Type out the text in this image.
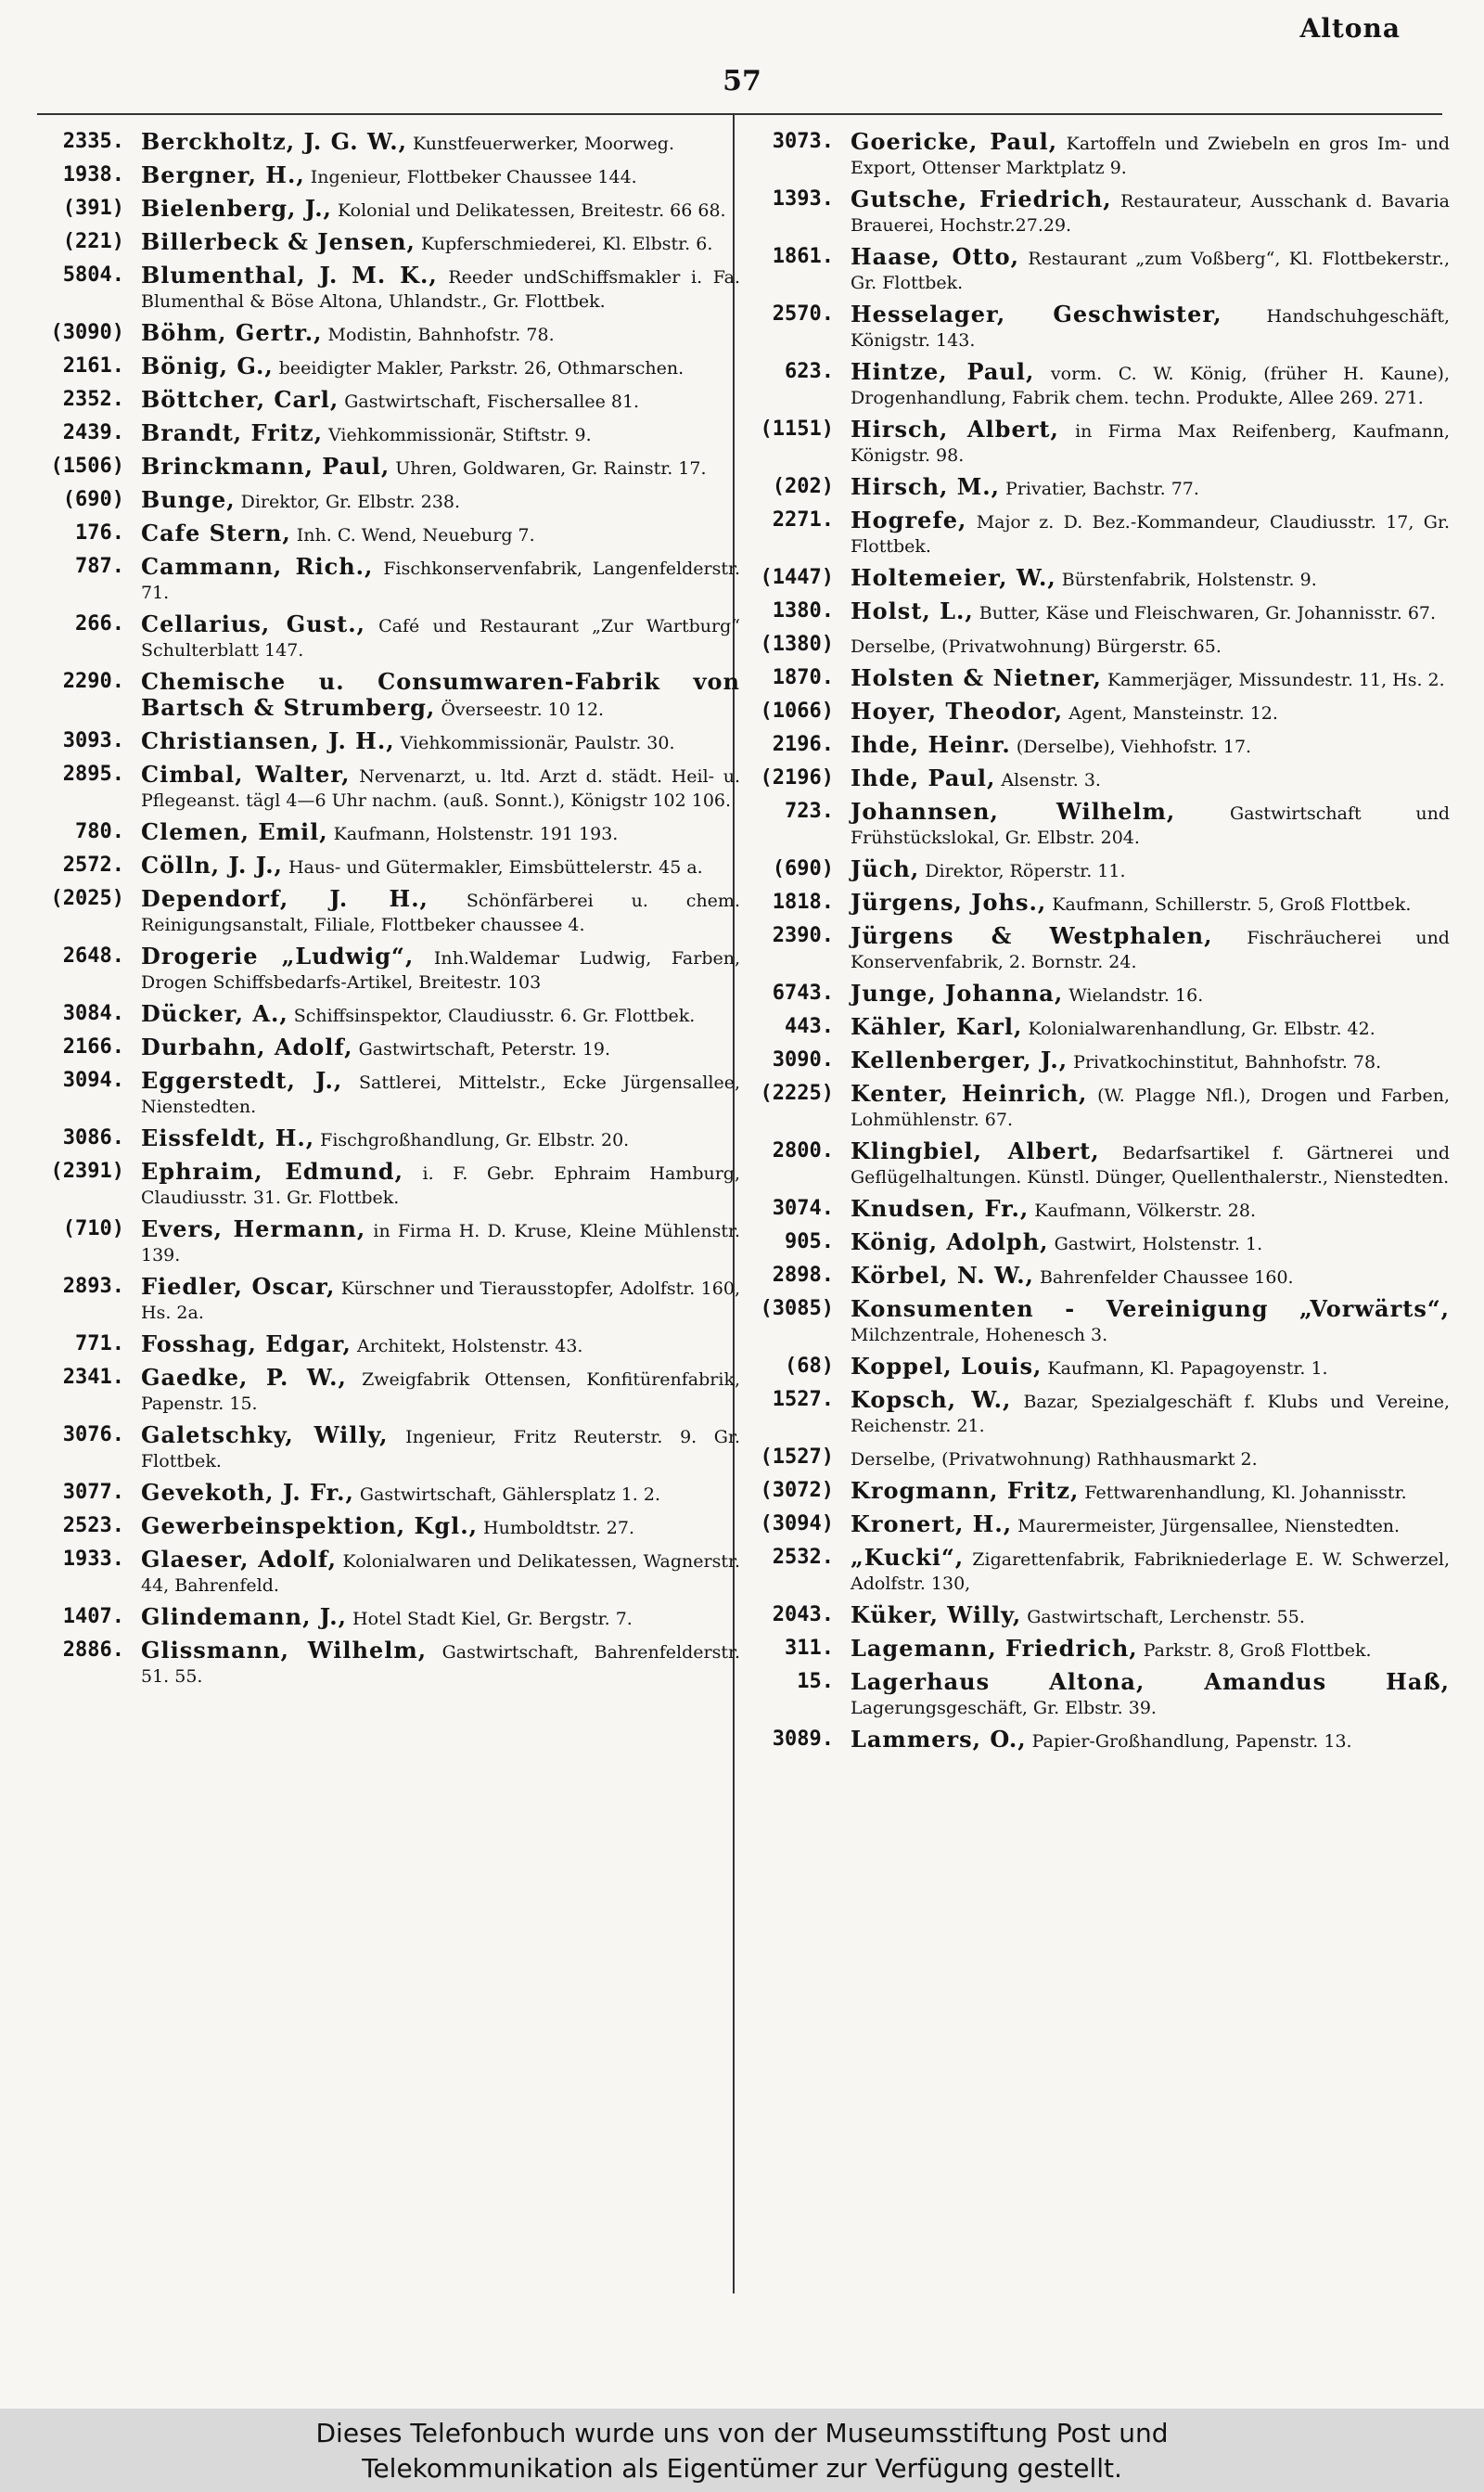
Altona
57
2335. Berckholtz, J. G. W., Kunstfeuerwerker, Moorweg.
1938. Bergner, H., Ingenieur, Flottbeker Chaussee 144.
(391) Bielenberg, J., Kolonial und Delikatessen, Breitestr. 66 68.
(221) Billerbeck & Jensen, Kupferschmiederei, Kl. Elbstr. 6.
5804. Blumenthal, J. M. K., Reeder undSchiffsmakler i. Fa. Blumenthal & Böse Altona, Uhlandstr., Gr. Flottbek.
(3090) Böhm, Gertr., Modistin, Bahnhofstr. 78.
2161. Bönig, G., beeidigter Makler, Parkstr. 26, Othmarschen.
2352. Böttcher, Carl, Gastwirtschaft, Fischersallee 81.
2439. Brandt, Fritz, Viehkommissionär, Stiftstr. 9.
(1506) Brinckmann, Paul, Uhren, Goldwaren, Gr. Rainstr. 17.
(690) Bunge, Direktor, Gr. Elbstr. 238.
176. Cafe Stern, Inh. C. Wend, Neueburg 7.
787. Cammann, Rich., Fischkonservenfabrik, Langenfelderstr. 71.
266. Cellarius, Gust., Café und Restaurant „Zur Wartburg“ Schulterblatt 147.
2290. Chemische u. Consumwaren-Fabrik von Bartsch & Strumberg, Överseestr. 10 12.
3093. Christiansen, J. H., Viehkommissionär, Paulstr. 30.
2895. Cimbal, Walter, Nervenarzt, u. ltd. Arzt d. städt. Heil- u. Pflegeanst. tägl 4—6 Uhr nachm. (auß. Sonnt.), Königstr 102 106.
780. Clemen, Emil, Kaufmann, Holstenstr. 191 193.
2572. Cölln, J. J., Haus- und Gütermakler, Eimsbüttelerstr. 45 a.
(2025) Dependorf, J. H., Schönfärberei u. chem. Reinigungsanstalt, Filiale, Flottbeker chaussee 4.
2648. Drogerie „Ludwig“, Inh.Waldemar Ludwig, Farben, Drogen Schiffsbedarfs-Artikel, Breitestr. 103
3084. Dücker, A., Schiffsinspektor, Claudiusstr. 6. Gr. Flottbek.
2166. Durbahn, Adolf, Gastwirtschaft, Peterstr. 19.
3094. Eggerstedt, J., Sattlerei, Mittelstr., Ecke Jürgensallee, Nienstedten.
3086. Eissfeldt, H., Fischgroßhandlung, Gr. Elbstr. 20.
(2391) Ephraim, Edmund, i. F. Gebr. Ephraim Hamburg, Claudiusstr. 31. Gr. Flottbek.
(710) Evers, Hermann, in Firma H. D. Kruse, Kleine Mühlenstr. 139.
2893. Fiedler, Oscar, Kürschner und Tierausstopfer, Adolfstr. 160, Hs. 2a.
771. Fosshag, Edgar, Architekt, Holstenstr. 43.
2341. Gaedke, P. W., Zweigfabrik Ottensen, Konfitürenfabrik, Papenstr. 15.
3076. Galetschky, Willy, Ingenieur, Fritz Reuterstr. 9. Gr. Flottbek.
3077. Gevekoth, J. Fr., Gastwirtschaft, Gählersplatz 1. 2.
2523. Gewerbeinspektion, Kgl., Humboldtstr. 27.
1933. Glaeser, Adolf, Kolonialwaren und Delikatessen, Wagnerstr. 44, Bahrenfeld.
1407. Glindemann, J., Hotel Stadt Kiel, Gr. Bergstr. 7.
2886. Glissmann, Wilhelm, Gastwirtschaft, Bahrenfelderstr. 51. 55.
3073. Goericke, Paul, Kartoffeln und Zwiebeln en gros Im- und Export, Ottenser Marktplatz 9.
1393. Gutsche, Friedrich, Restaurateur, Ausschank d. Bavaria Brauerei, Hochstr.27.29.
1861. Haase, Otto, Restaurant „zum Voßberg“, Kl. Flottbekerstr., Gr. Flottbek.
2570. Hesselager, Geschwister,	Handschuhgeschäft, Königstr. 143.
623. Hintze, Paul, vorm. C. W. König, (früher H. Kaune), Drogenhandlung, Fabrik chem. techn. Produkte, Allee 269. 271.
(1151) Hirsch, Albert, in Firma Max Reifenberg, Kaufmann, Königstr. 98.
(202) Hirsch, M., Privatier, Bachstr. 77.
2271. Hogrefe, Major z. D. Bez.-Kommandeur, Claudiusstr. 17, Gr. Flottbek.
(1447) Holtemeier, W., Bürstenfabrik, Holstenstr. 9.
1380. Holst, L., Butter, Käse und Fleischwaren, Gr. Johannisstr. 67.
(1380) Derselbe, (Privatwohnung) Bürgerstr. 65.
1870. Holsten & Nietner, Kammerjäger, Missundestr. 11, Hs. 2.
(1066) Hoyer, Theodor, Agent, Mansteinstr. 12.
2196. Ihde, Heinr. (Derselbe), Viehhofstr. 17.
(2196) Ihde, Paul, Alsenstr. 3.
723. Johannsen, Wilhelm,	Gastwirtschaft und Frühstückslokal, Gr. Elbstr. 204.
(690) Jüch, Direktor, Röperstr. 11.
1818. Jürgens, Johs., Kaufmann, Schillerstr. 5, Groß Flottbek.
2390. Jürgens & Westphalen, Fischräucherei und Konservenfabrik, 2. Bornstr. 24.
6743. Junge, Johanna, Wielandstr. 16.
443. Kähler, Karl, Kolonialwarenhandlung, Gr. Elbstr. 42.
3090. Kellenberger, J., Privatkochinstitut, Bahnhofstr. 78.
(2225) Kenter, Heinrich, (W. Plagge Nfl.), Drogen und Farben, Lohmühlenstr. 67.
2800. Klingbiel, Albert, Bedarfsartikel f. Gärtnerei und Geflügelhaltungen. Künstl. Dünger, Quellenthalerstr., Nienstedten.
3074. Knudsen, Fr., Kaufmann, Völkerstr. 28.
905. König, Adolph, Gastwirt, Holstenstr. 1.
2898. Körbel, N. W., Bahrenfelder Chaussee 160.
(3085) Konsumenten - Vereinigung „Vorwärts“, Milchzentrale, Hohenesch 3.
(68) Koppel, Louis, Kaufmann, Kl. Papagoyenstr. 1.
1527. Kopsch, W., Bazar, Spezialgeschäft f. Klubs und Vereine, Reichenstr. 21.
(1527) Derselbe, (Privatwohnung) Rathhausmarkt 2.
(3072) Krogmann, Fritz, Fettwarenhandlung, Kl. Johannisstr.
(3094) Kronert, H., Maurermeister, Jürgensallee, Nienstedten.
2532. „Kucki“, Zigarettenfabrik, Fabrikniederlage E. W. Schwerzel, Adolfstr. 130,
2043. Küker, Willy, Gastwirtschaft, Lerchenstr. 55.
311. Lagemann, Friedrich, Parkstr. 8, Groß Flottbek.
15. Lagerhaus Altona, Amandus Haß, Lagerungsgeschäft, Gr. Elbstr. 39.
3089. Lammers, O., Papier-Großhandlung, Papenstr. 13.
Dieses Telefonbuch wurde uns von der Museumsstiftung Post und
Telekommunikation als Eigentümer zur Verfügung gestellt.
